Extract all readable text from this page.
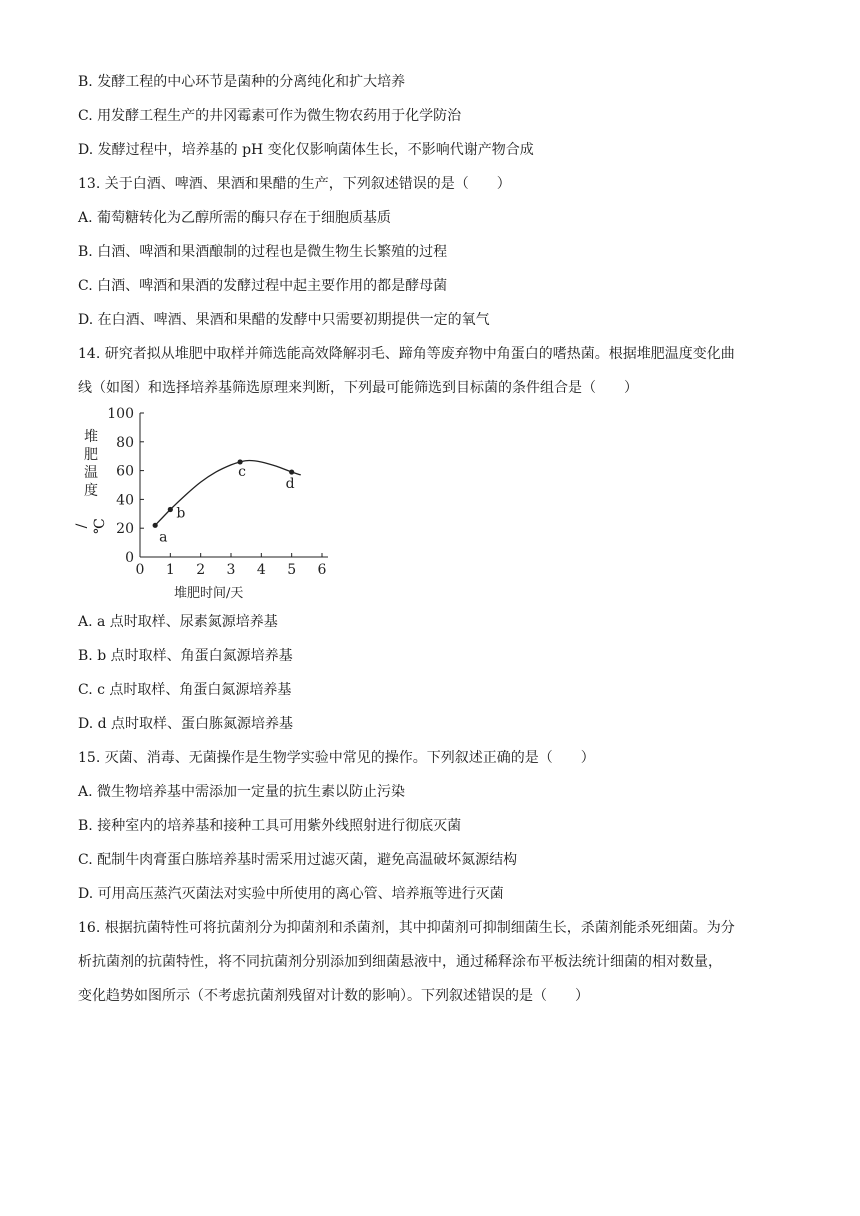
B. 发酵工程的中心环节是菌种的分离纯化和扩大培养
C. 用发酵工程生产的井冈霉素可作为微生物农药用于化学防治
D. 发酵过程中，培养基的 pH 变化仅影响菌体生长，不影响代谢产物合成
13. 关于白酒、啤酒、果酒和果醋的生产，下列叙述错误的是（　　）
A. 葡萄糖转化为乙醇所需的酶只存在于细胞质基质
B. 白酒、啤酒和果酒酿制的过程也是微生物生长繁殖的过程
C. 白酒、啤酒和果酒的发酵过程中起主要作用的都是酵母菌
D. 在白酒、啤酒、果酒和果醋的发酵中只需要初期提供一定的氧气
14. 研究者拟从堆肥中取样并筛选能高效降解羽毛、蹄角等废弃物中角蛋白的嗜热菌。根据堆肥温度变化曲
线（如图）和选择培养基筛选原理来判断，下列最可能筛选到目标菌的条件组合是（　　）
堆
肥
温
度
/℃
0 1 2 3 4 5 6
0
20
40
60
80
100
a
b
c
d
堆肥时间/天
A. a 点时取样、尿素氮源培养基
B. b 点时取样、角蛋白氮源培养基
C. c 点时取样、角蛋白氮源培养基
D. d 点时取样、蛋白胨氮源培养基
15. 灭菌、消毒、无菌操作是生物学实验中常见的操作。下列叙述正确的是（　　）
A. 微生物培养基中需添加一定量的抗生素以防止污染
B. 接种室内的培养基和接种工具可用紫外线照射进行彻底灭菌
C. 配制牛肉膏蛋白胨培养基时需采用过滤灭菌，避免高温破坏氮源结构
D. 可用高压蒸汽灭菌法对实验中所使用的离心管、培养瓶等进行灭菌
16. 根据抗菌特性可将抗菌剂分为抑菌剂和杀菌剂，其中抑菌剂可抑制细菌生长，杀菌剂能杀死细菌。为分
析抗菌剂的抗菌特性，将不同抗菌剂分别添加到细菌悬液中，通过稀释涂布平板法统计细菌的相对数量，
变化趋势如图所示（不考虑抗菌剂残留对计数的影响）。下列叙述错误的是（　　）
